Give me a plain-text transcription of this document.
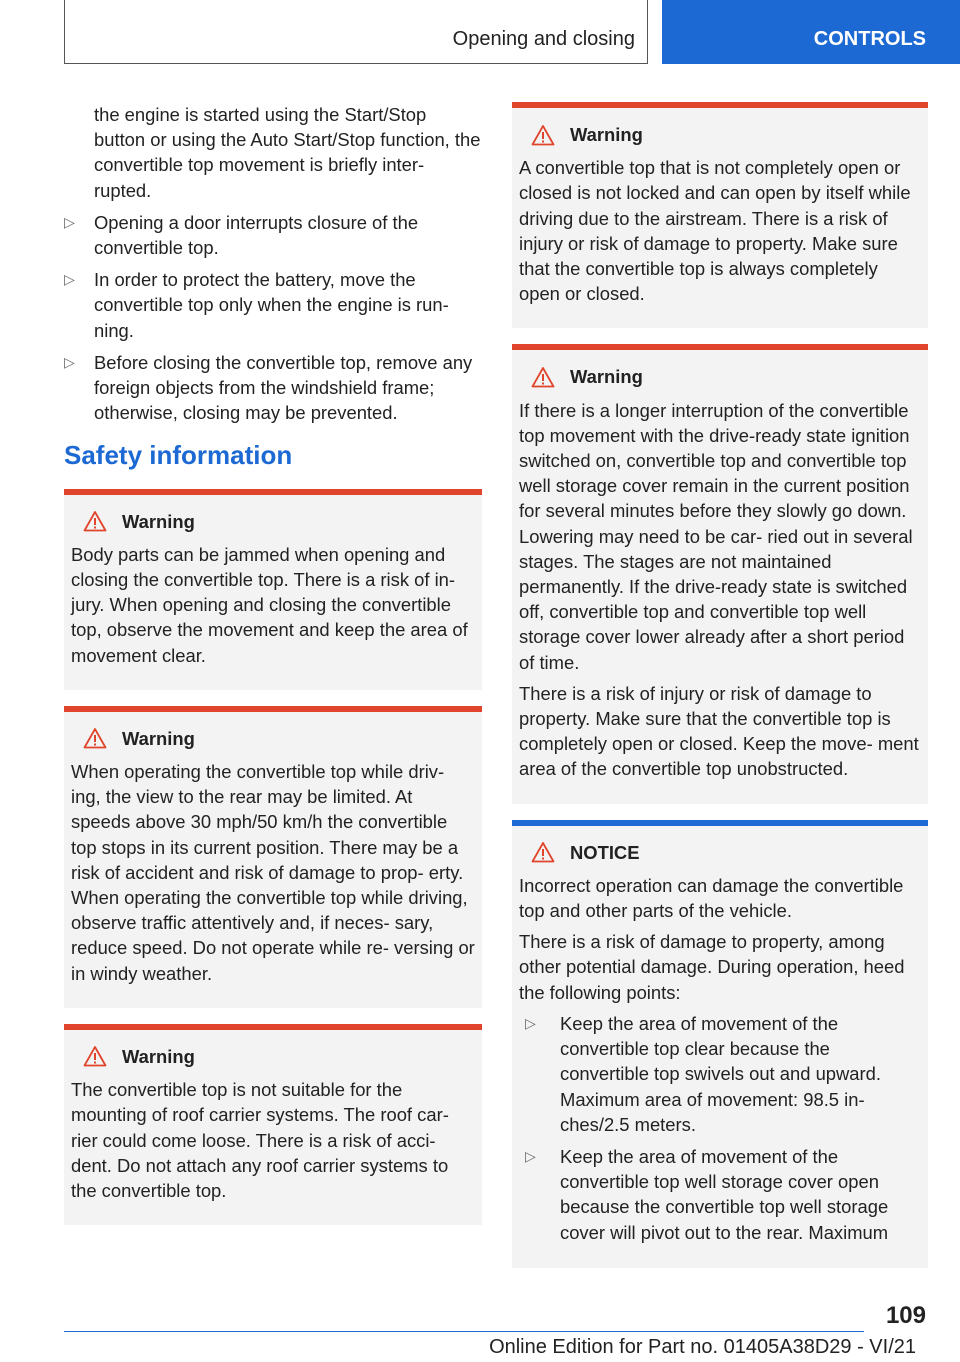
Opening and closing	CONTROLS
the engine is started using the Start/Stop button or using the Auto Start/Stop function, the convertible top movement is briefly inter- rupted.
▷	Opening a door interrupts closure of the convertible top.
▷	In order to protect the battery, move the convertible top only when the engine is run- ning.
▷	Before closing the convertible top, remove any foreign objects from the windshield frame; otherwise, closing may be prevented.
Safety information
Warning

Body parts can be jammed when opening and closing the convertible top. There is a risk of in- jury. When opening and closing the convertible top, observe the movement and keep the area of movement clear.

Warning

When operating the convertible top while driv- ing, the view to the rear may be limited. At speeds above 30 mph/50 km/h the convertible top stops in its current position. There may be a risk of accident and risk of damage to prop- erty. When operating the convertible top while driving, observe traffic attentively and, if neces- sary, reduce speed. Do not operate while re- versing or in windy weather.

Warning

The convertible top is not suitable for the mounting of roof carrier systems. The roof car- rier could come loose. There is a risk of acci- dent. Do not attach any roof carrier systems to the convertible top.

Warning

A convertible top that is not completely open or closed is not locked and can open by itself while driving due to the airstream. There is a risk of injury or risk of damage to property. Make sure that the convertible top is always completely open or closed.

Warning

If there is a longer interruption of the convertible top movement with the drive-ready state ignition switched on, convertible top and convertible top well storage cover remain in the current position for several minutes before they slowly go down. Lowering may need to be car- ried out in several stages. The stages are not maintained permanently. If the drive-ready state is switched off, convertible top and convertible top well storage cover lower already after a short period of time.

There is a risk of injury or risk of damage to property. Make sure that the convertible top is completely open or closed. Keep the move- ment area of the convertible top unobstructed.

NOTICE

Incorrect operation can damage the convertible top and other parts of the vehicle.

There is a risk of damage to property, among other potential damage. During operation, heed the following points:

▷	Keep the area of movement of the convertible top clear because the convertible top swivels out and upward. Maximum area of movement: 98.5 in- ches/2.5 meters.
▷	Keep the area of movement of the convertible top well storage cover open because the convertible top well storage cover will pivot out to the rear. Maximum
109
Online Edition for Part no. 01405A38D29 - VI/21
